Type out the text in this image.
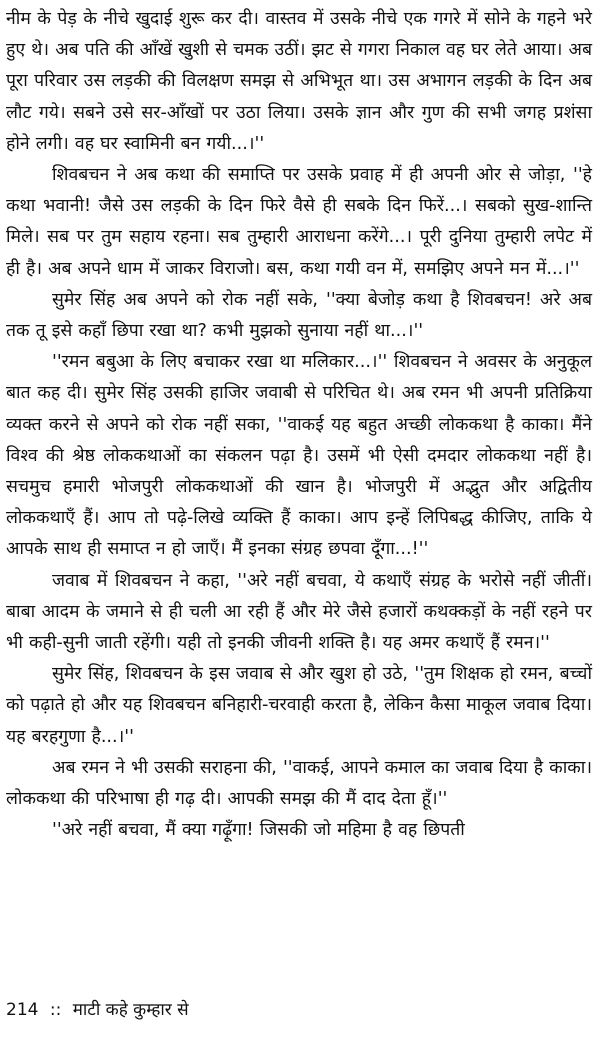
नीम के पेड़ के नीचे खुदाई शुरू कर दी। वास्तव में उसके नीचे एक गगरे में सोने के गहने भरे हुए थे। अब पति की आँखें खुशी से चमक उठीं। झट से गगरा निकाल वह घर लेते आया। अब पूरा परिवार उस लड़की की विलक्षण समझ से अभिभूत था। उस अभागन लड़की के दिन अब लौट गये। सबने उसे सर-आँखों पर उठा लिया। उसके ज्ञान और गुण की सभी जगह प्रशंसा होने लगी। वह घर स्वामिनी बन गयी...।''

शिवबचन ने अब कथा की समाप्ति पर उसके प्रवाह में ही अपनी ओर से जोड़ा, ''हे कथा भवानी! जैसे उस लड़की के दिन फिरे वैसे ही सबके दिन फिरें...। सबको सुख-शान्ति मिले। सब पर तुम सहाय रहना। सब तुम्हारी आराधना करेंगे...। पूरी दुनिया तुम्हारी लपेट में ही है। अब अपने धाम में जाकर विराजो। बस, कथा गयी वन में, समझिए अपने मन में...।''

सुमेर सिंह अब अपने को रोक नहीं सके, ''क्या बेजोड़ कथा है शिवबचन! अरे अब तक तू इसे कहाँ छिपा रखा था? कभी मुझको सुनाया नहीं था...।''

''रमन बबुआ के लिए बचाकर रखा था मलिकार...।'' शिवबचन ने अवसर के अनुकूल बात कह दी। सुमेर सिंह उसकी हाजिर जवाबी से परिचित थे। अब रमन भी अपनी प्रतिक्रिया व्यक्त करने से अपने को रोक नहीं सका, ''वाकई यह बहुत अच्छी लोककथा है काका। मैंने विश्व की श्रेष्ठ लोककथाओं का संकलन पढ़ा है। उसमें भी ऐसी दमदार लोककथा नहीं है। सचमुच हमारी भोजपुरी लोककथाओं की खान है। भोजपुरी में अद्भुत और अद्वितीय लोककथाएँ हैं। आप तो पढ़े-लिखे व्यक्ति हैं काका। आप इन्हें लिपिबद्ध कीजिए, ताकि ये आपके साथ ही समाप्त न हो जाएँ। मैं इनका संग्रह छपवा दूँगा...!''

जवाब में शिवबचन ने कहा, ''अरे नहीं बचवा, ये कथाएँ संग्रह के भरोसे नहीं जीतीं। बाबा आदम के जमाने से ही चली आ रही हैं और मेरे जैसे हजारों कथक्कड़ों के नहीं रहने पर भी कही-सुनी जाती रहेंगी। यही तो इनकी जीवनी शक्ति है। यह अमर कथाएँ हैं रमन।''

सुमेर सिंह, शिवबचन के इस जवाब से और खुश हो उठे, ''तुम शिक्षक हो रमन, बच्चों को पढ़ाते हो और यह शिवबचन बनिहारी-चरवाही करता है, लेकिन कैसा माकूल जवाब दिया। यह बरहगुणा है...।''

अब रमन ने भी उसकी सराहना की, ''वाकई, आपने कमाल का जवाब दिया है काका। लोककथा की परिभाषा ही गढ़ दी। आपकी समझ की मैं दाद देता हूँ।''

''अरे नहीं बचवा, मैं क्या गढ़ूँगा! जिसकी जो महिमा है वह छिपती

214 :: माटी कहे कुम्हार से
